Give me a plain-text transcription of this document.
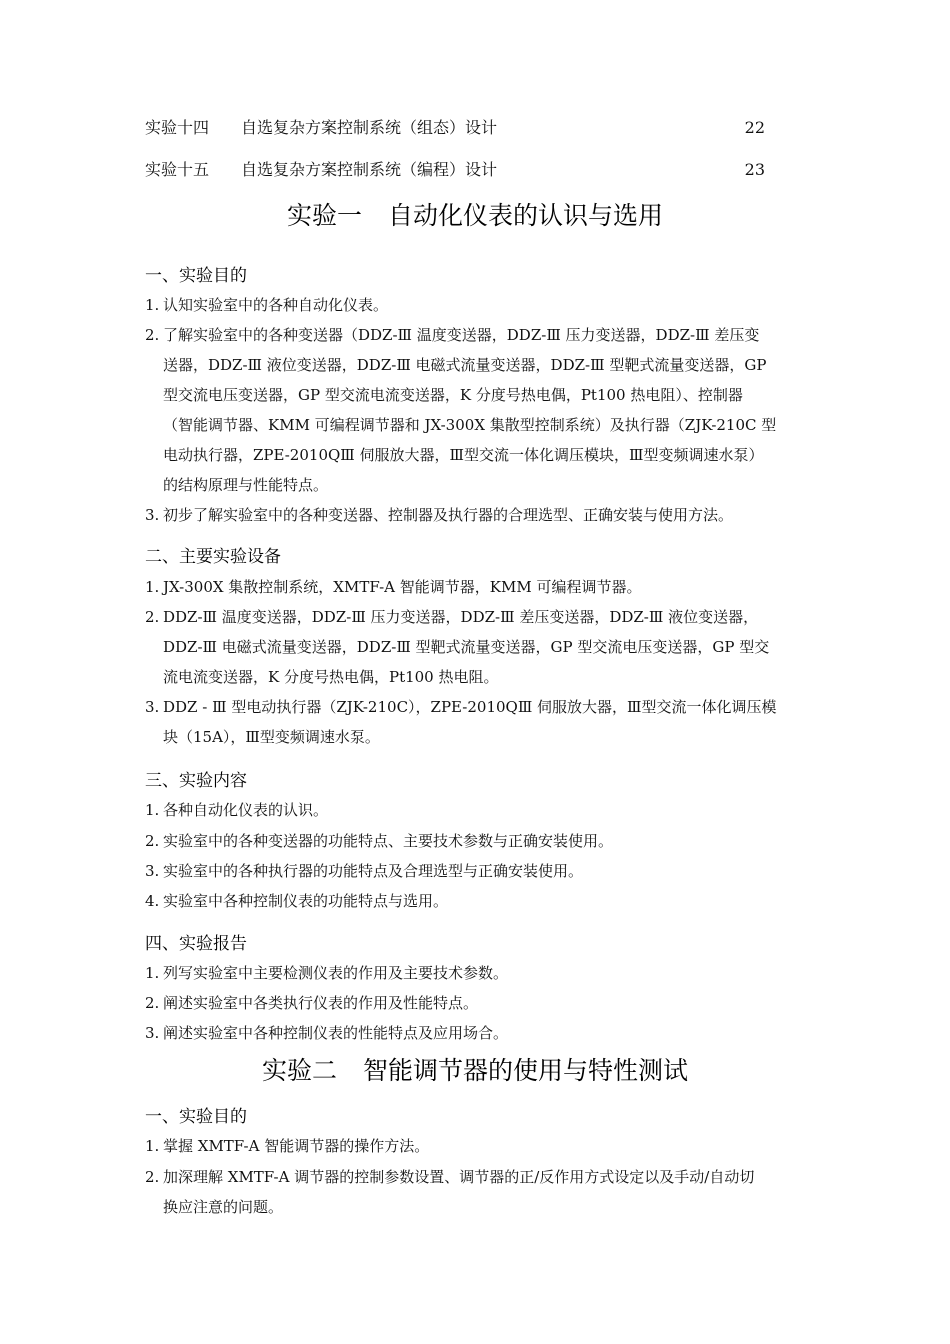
实验十四 自选复杂方案控制系统（组态）设计	22
实验十五 自选复杂方案控制系统（编程）设计	23
实验一 自动化仪表的认识与选用
一、实验目的
1. 认知实验室中的各种自动化仪表。
2. 了解实验室中的各种变送器（DDZ-Ⅲ 温度变送器，DDZ-Ⅲ 压力变送器，DDZ-Ⅲ 差压变
送器，DDZ-Ⅲ 液位变送器，DDZ-Ⅲ 电磁式流量变送器，DDZ-Ⅲ 型靶式流量变送器，GP
型交流电压变送器，GP 型交流电流变送器，K 分度号热电偶，Pt100 热电阻）、控制器
（智能调节器、KMM 可编程调节器和 JX-300X 集散型控制系统）及执行器（ZJK-210C 型
电动执行器，ZPE-2010QⅢ 伺服放大器，Ⅲ型交流一体化调压模块，Ⅲ型变频调速水泵）
的结构原理与性能特点。
3. 初步了解实验室中的各种变送器、控制器及执行器的合理选型、正确安装与使用方法。
二、主要实验设备
1. JX-300X 集散控制系统，XMTF-A 智能调节器，KMM 可编程调节器。
2. DDZ-Ⅲ 温度变送器，DDZ-Ⅲ 压力变送器，DDZ-Ⅲ 差压变送器，DDZ-Ⅲ 液位变送器，
DDZ-Ⅲ 电磁式流量变送器，DDZ-Ⅲ 型靶式流量变送器，GP 型交流电压变送器，GP 型交
流电流变送器，K 分度号热电偶，Pt100 热电阻。
3. DDZ - Ⅲ 型电动执行器（ZJK-210C），ZPE-2010QⅢ 伺服放大器，Ⅲ型交流一体化调压模
块（15A），Ⅲ型变频调速水泵。
三、实验内容
1. 各种自动化仪表的认识。
2. 实验室中的各种变送器的功能特点、主要技术参数与正确安装使用。
3. 实验室中的各种执行器的功能特点及合理选型与正确安装使用。
4. 实验室中各种控制仪表的功能特点与选用。
四、实验报告
1. 列写实验室中主要检测仪表的作用及主要技术参数。
2. 阐述实验室中各类执行仪表的作用及性能特点。
3. 阐述实验室中各种控制仪表的性能特点及应用场合。
实验二 智能调节器的使用与特性测试
一、实验目的
1. 掌握 XMTF-A 智能调节器的操作方法。
2. 加深理解 XMTF-A 调节器的控制参数设置、调节器的正/反作用方式设定以及手动/自动切
换应注意的问题。
